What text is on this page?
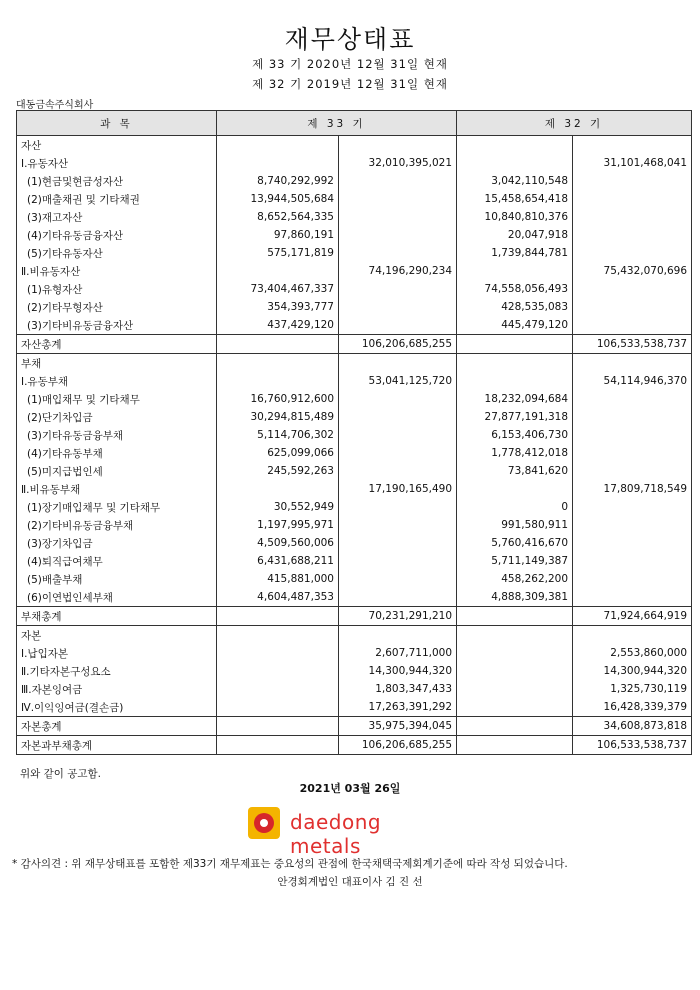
재무상태표
제 33 기 2020년 12월 31일 현재
제 32 기 2019년 12월 31일 현재
대동금속주식회사
과 목	제 33 기		제 32 기	
자산				
Ⅰ.유동자산		32,010,395,021		31,101,468,041
(1)현금및현금성자산	8,740,292,992		3,042,110,548	
(2)매출채권 및 기타채권	13,944,505,684		15,458,654,418	
(3)재고자산	8,652,564,335		10,840,810,376	
(4)기타유동금융자산	97,860,191		20,047,918	
(5)기타유동자산	575,171,819		1,739,844,781	
Ⅱ.비유동자산		74,196,290,234		75,432,070,696
(1)유형자산	73,404,467,337		74,558,056,493	
(2)기타무형자산	354,393,777		428,535,083	
(3)기타비유동금융자산	437,429,120		445,479,120	
자산총계		106,206,685,255		106,533,538,737
부채				
Ⅰ.유동부채		53,041,125,720		54,114,946,370
(1)매입채무 및 기타채무	16,760,912,600		18,232,094,684	
(2)단기차입금	30,294,815,489		27,877,191,318	
(3)기타유동금융부채	5,114,706,302		6,153,406,730	
(4)기타유동부채	625,099,066		1,778,412,018	
(5)미지급법인세	245,592,263		73,841,620	
Ⅱ.비유동부채		17,190,165,490		17,809,718,549
(1)장기매입채무 및 기타채무	30,552,949		0	
(2)기타비유동금융부채	1,197,995,971		991,580,911	
(3)장기차입금	4,509,560,006		5,760,416,670	
(4)퇴직급여채무	6,431,688,211		5,711,149,387	
(5)배출부채	415,881,000		458,262,200	
(6)이연법인세부채	4,604,487,353		4,888,309,381	
부채총계		70,231,291,210		71,924,664,919
자본				
Ⅰ.납입자본		2,607,711,000		2,553,860,000
Ⅱ.기타자본구성요소		14,300,944,320		14,300,944,320
Ⅲ.자본잉여금		1,803,347,433		1,325,730,119
Ⅳ.이익잉여금(결손금)		17,263,391,292		16,428,339,379
자본총계		35,975,394,045		34,608,873,818
자본과부채총계		106,206,685,255		106,533,538,737
위와 같이 공고함.
2021년 03월 26일
daedong metals
* 감사의견 : 위 재무상태표를 포함한 제33기 재무제표는 중요성의 관점에 한국채택국제회계기준에 따라 작성 되었습니다.
안경회계법인 대표이사 김 진 선
